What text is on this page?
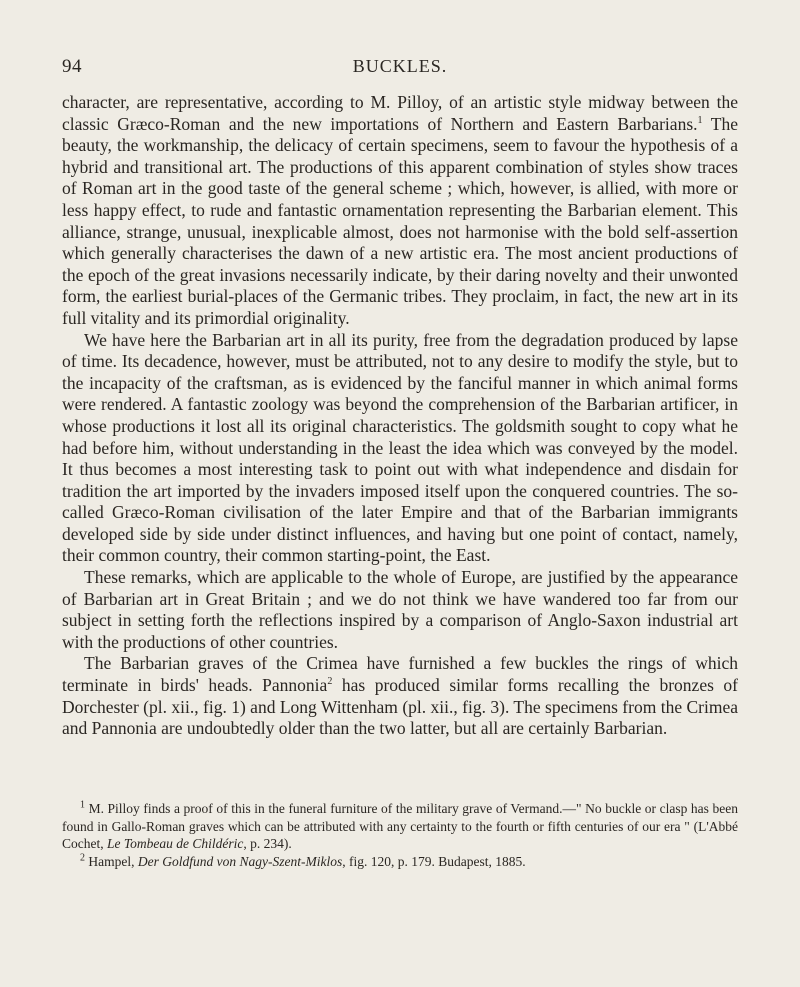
94	BUCKLES.

character, are representative, according to M. Pilloy, of an artistic style midway between the classic Græco-Roman and the new importations of Northern and Eastern Barbarians.$^1$ The beauty, the workmanship, the delicacy of certain specimens, seem to favour the hypothesis of a hybrid and transitional art. The productions of this apparent combination of styles show traces of Roman art in the good taste of the general scheme ; which, however, is allied, with more or less happy effect, to rude and fantastic ornamentation representing the Barbarian element. This alliance, strange, unusual, inexplicable almost, does not harmonise with the bold self-assertion which generally characterises the dawn of a new artistic era. The most ancient productions of the epoch of the great invasions necessarily indicate, by their daring novelty and their unwonted form, the earliest burial-places of the Germanic tribes. They proclaim, in fact, the new art in its full vitality and its primordial originality.

We have here the Barbarian art in all its purity, free from the degradation produced by lapse of time. Its decadence, however, must be attributed, not to any desire to modify the style, but to the incapacity of the craftsman, as is evidenced by the fanciful manner in which animal forms were rendered. A fantastic zoology was beyond the comprehension of the Barbarian artificer, in whose productions it lost all its original characteristics. The goldsmith sought to copy what he had before him, without understanding in the least the idea which was conveyed by the model. It thus becomes a most interesting task to point out with what independence and disdain for tradition the art imported by the invaders imposed itself upon the conquered countries. The so-called Græco-Roman civilisation of the later Empire and that of the Barbarian immigrants developed side by side under distinct influences, and having but one point of contact, namely, their common country, their common starting-point, the East.

These remarks, which are applicable to the whole of Europe, are justified by the appearance of Barbarian art in Great Britain ; and we do not think we have wandered too far from our subject in setting forth the reflections inspired by a comparison of Anglo-Saxon industrial art with the productions of other countries.

The Barbarian graves of the Crimea have furnished a few buckles the rings of which terminate in birds' heads. Pannonia$^2$ has produced similar forms recalling the bronzes of Dorchester (pl. xii., fig. 1) and Long Wittenham (pl. xii., fig. 3). The specimens from the Crimea and Pannonia are undoubtedly older than the two latter, but all are certainly Barbarian.

$^1$ M. Pilloy finds a proof of this in the funeral furniture of the military grave of Vermand.—" No buckle or clasp has been found in Gallo-Roman graves which can be attributed with any certainty to the fourth or fifth centuries of our era " (L'Abbé Cochet, Le Tombeau de Childéric, p. 234).

$^2$ Hampel, Der Goldfund von Nagy-Szent-Miklos, fig. 120, p. 179. Budapest, 1885.
